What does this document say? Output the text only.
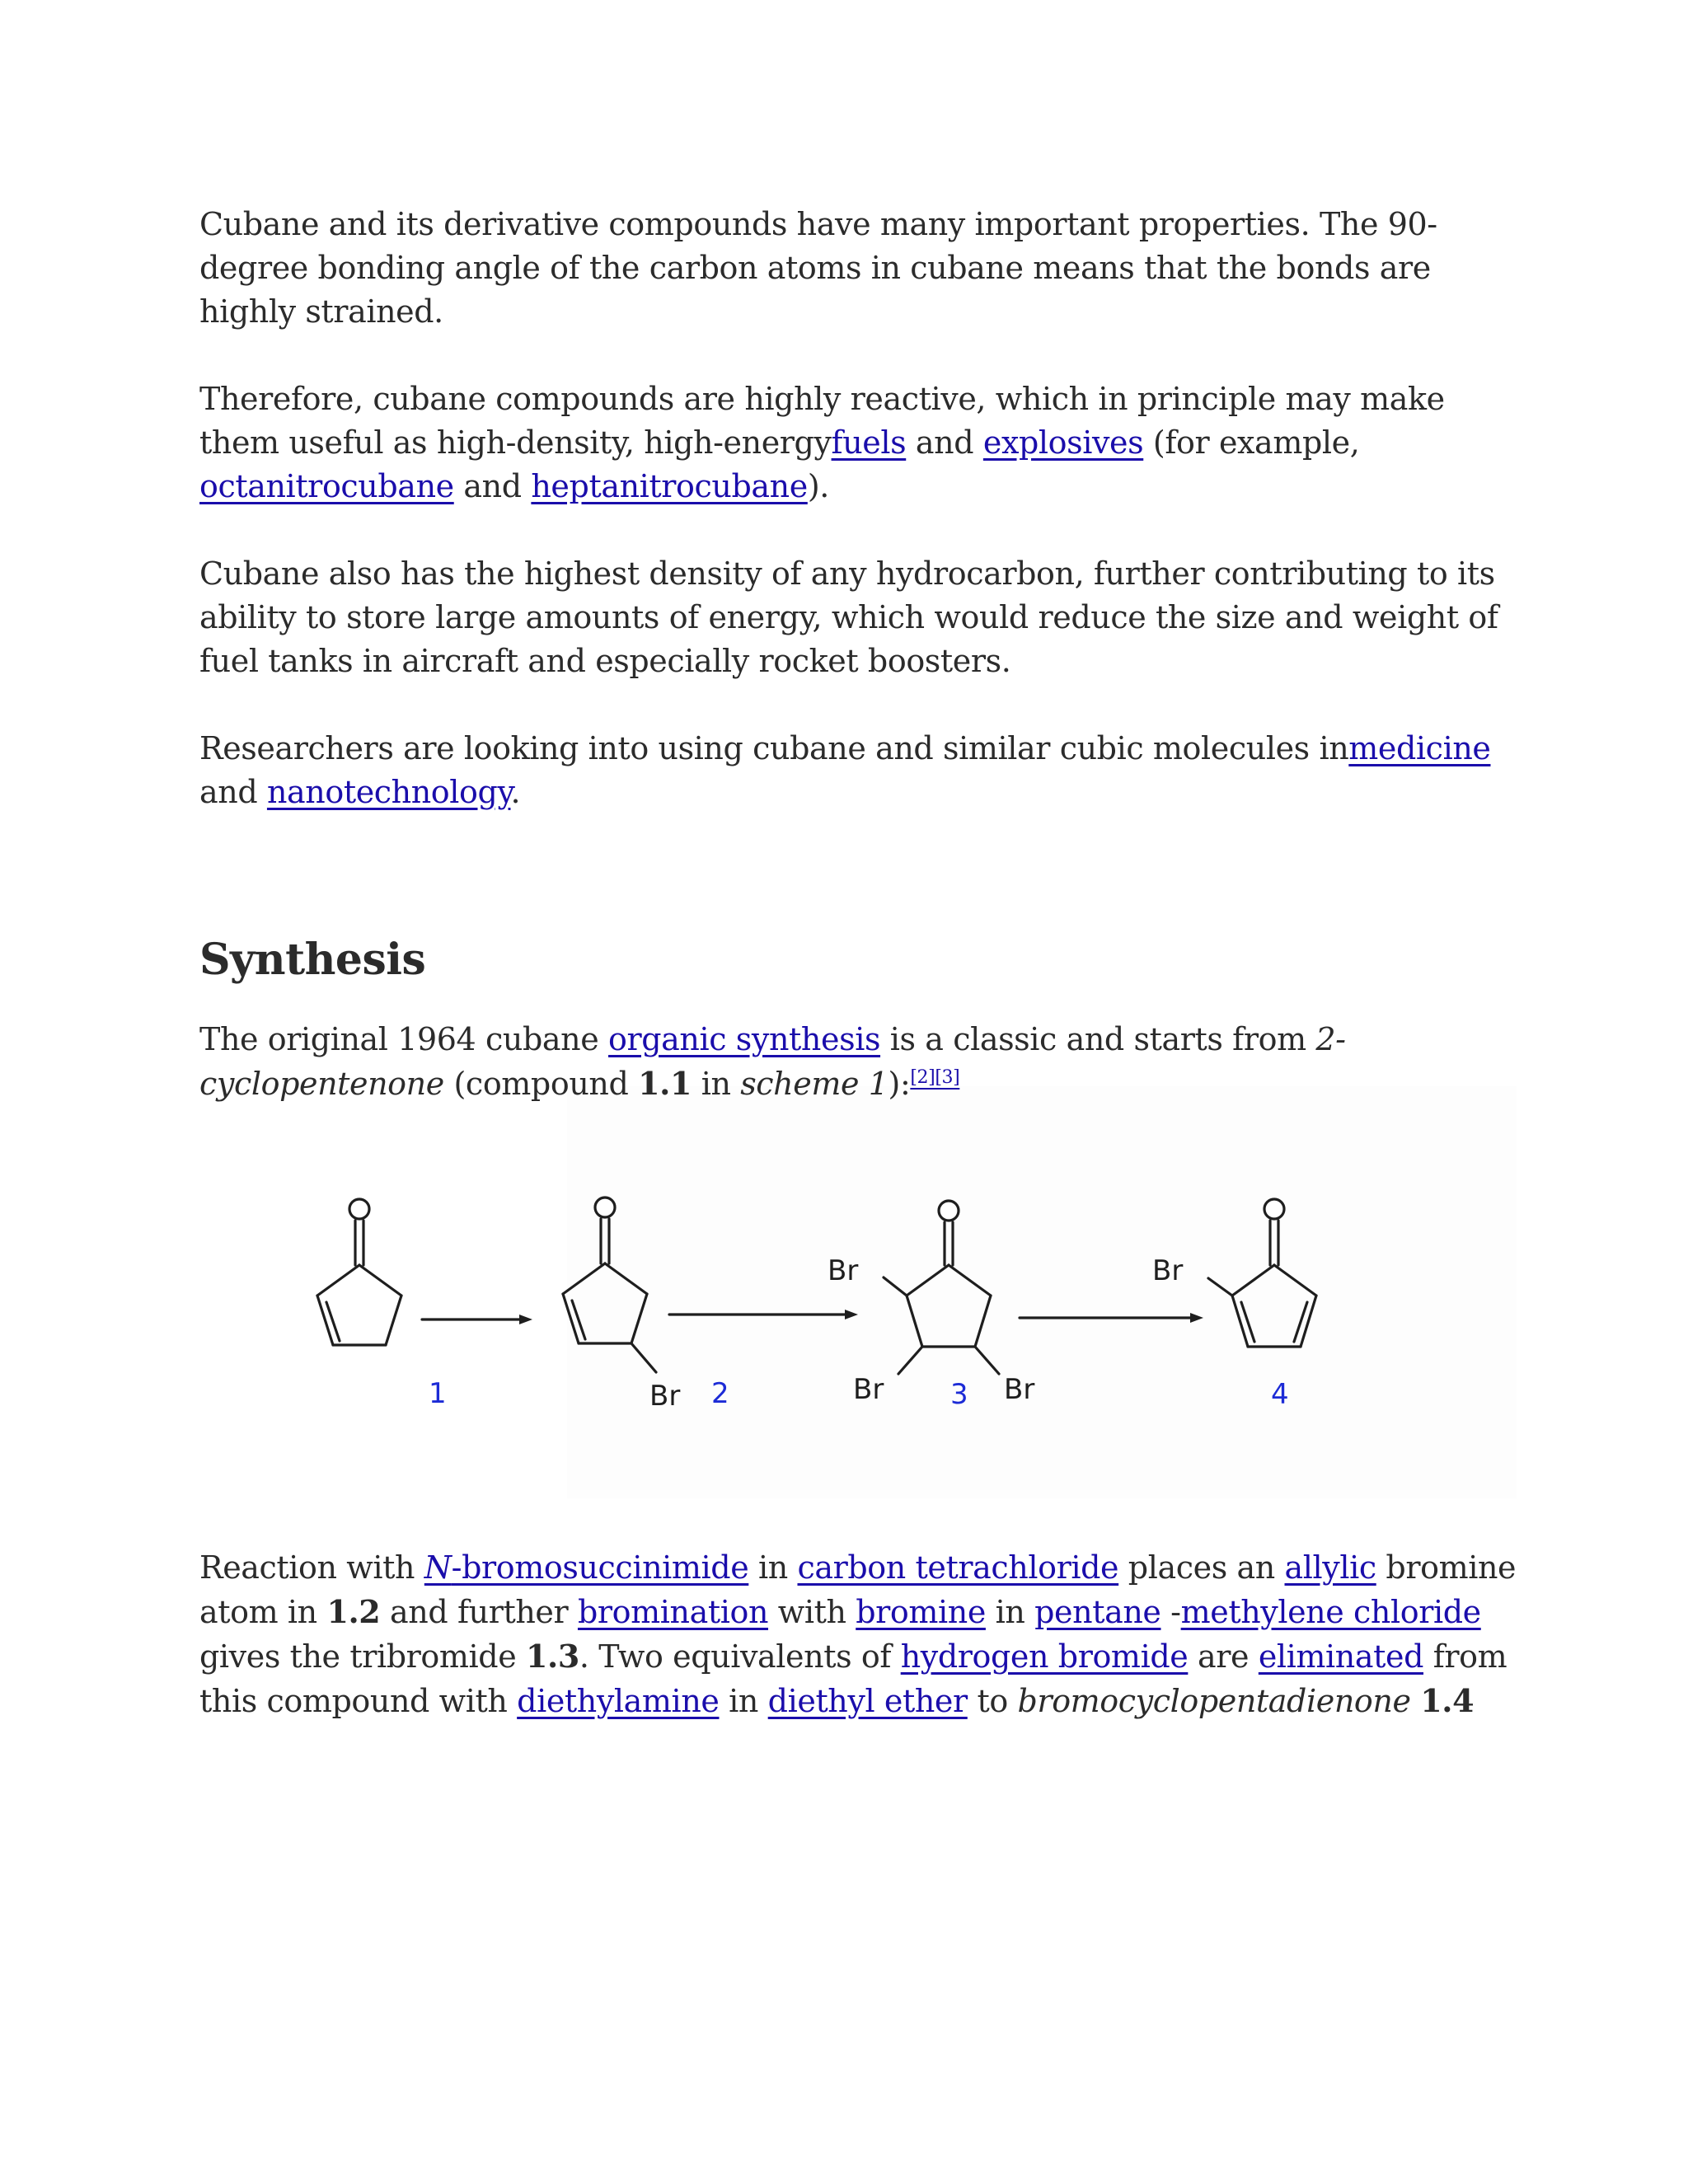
Cubane and its derivative compounds have many important properties. The 90-degree bonding angle of the carbon atoms in cubane means that the bonds are highly strained.

Therefore, cubane compounds are highly reactive, which in principle may make them useful as high-density, high-energyfuels and explosives (for example, octanitrocubane and heptanitrocubane).

Cubane also has the highest density of any hydrocarbon, further contributing to its ability to store large amounts of energy, which would reduce the size and weight of fuel tanks in aircraft and especially rocket boosters.

Researchers are looking into using cubane and similar cubic molecules inmedicine and nanotechnology.

Synthesis

The original 1964 cubane organic synthesis is a classic and starts from 2-cyclopentenone (compound 1.1 in scheme 1):[2][3]

Br
Br
Br	Br
Br
1	2	3	4

Reaction with N-bromosuccinimide in carbon tetrachloride places an allylic bromine atom in 1.2 and further bromination with bromine in pentane -methylene chloride gives the tribromide 1.3. Two equivalents of hydrogen bromide are eliminated from this compound with diethylamine in diethyl ether to bromocyclopentadienone 1.4
